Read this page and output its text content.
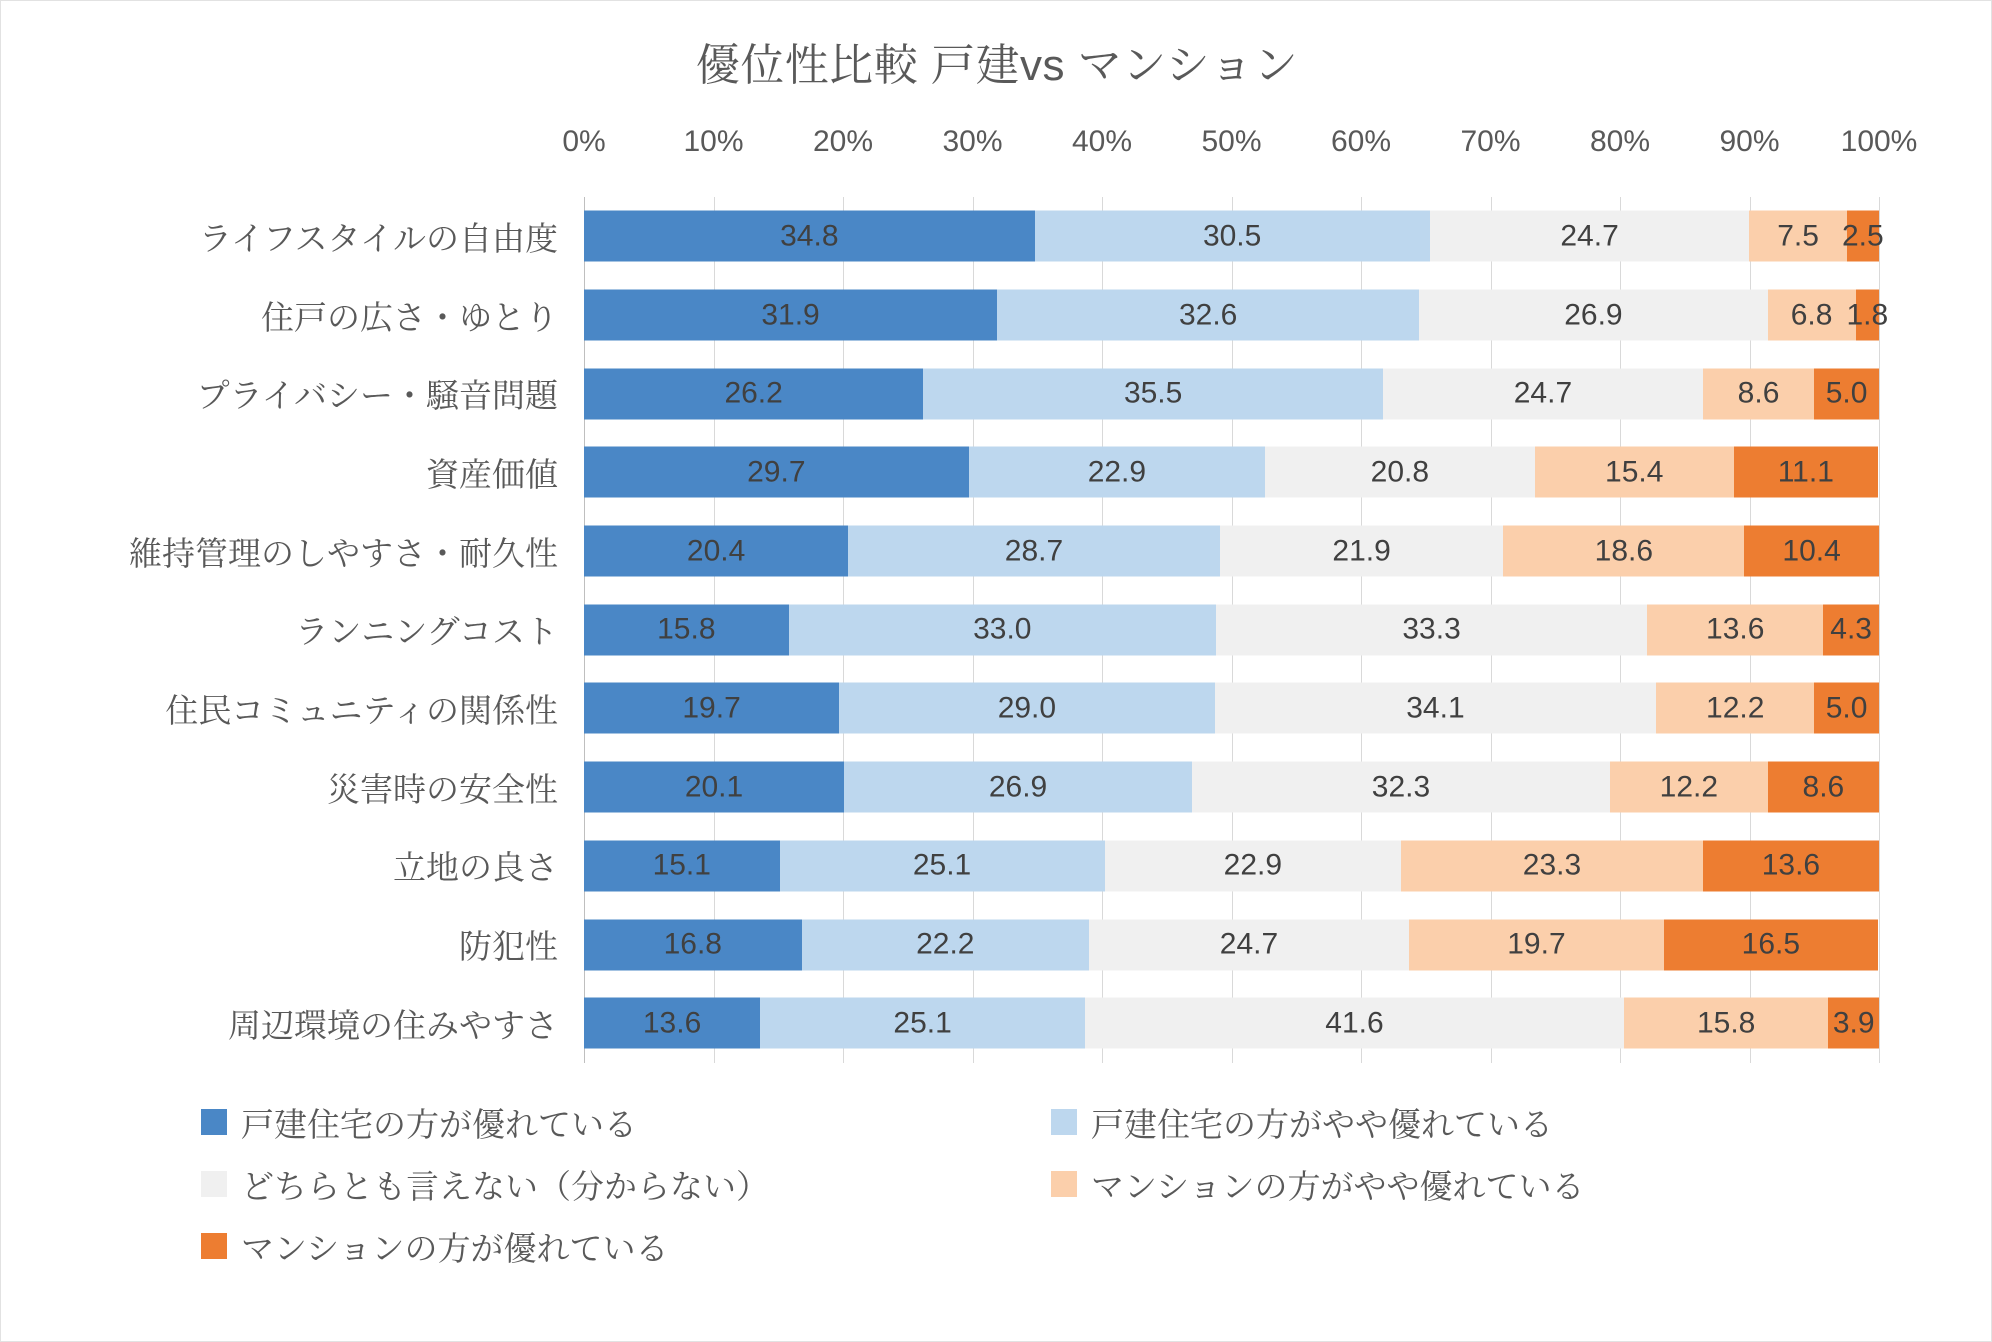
優位性比較 戸建vs マンション
0%	10% 20% 30% 40% 50% 60% 70% 80% 90% 100%
ライフスタイルの自由度	34.8	30.5	24.7	7.5 2.5
住戸の広さ・ゆとり	31.9	32.6	26.9	6.8 1.8
プライバシー・騒音問題	26.2	35.5	24.7	8.6 5.0
資産価値	29.7	22.9	20.8	15.4	11.1
維持管理のしやすさ・耐久性	20.4	28.7	21.9	18.6	10.4
ランニングコスト	15.8	33.0	33.3	13.6 4.3
住民コミュニティの関係性	19.7	29.0	34.1	12.2 5.0
災害時の安全性	20.1	26.9	32.3	12.2	8.6
立地の良さ	15.1	25.1	22.9	23.3	13.6
防犯性	16.8	22.2	24.7	19.7	16.5
周辺環境の住みやすさ	13.6	25.1	41.6	15.8	3.9
戸建住宅の方が優れている	戸建住宅の方がやや優れている
どちらとも言えない（分からない）	マンションの方がやや優れている
マンションの方が優れている
